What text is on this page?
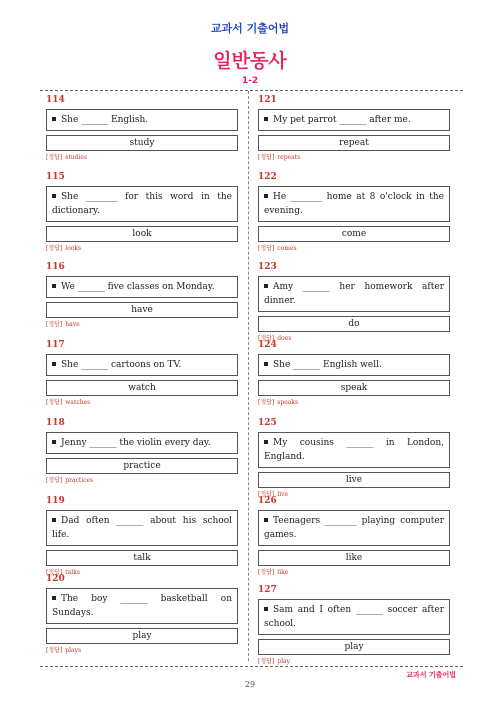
교과서 기출어법
일반동사
1-2
114
She ______ English.
study
[정답] studies
115
She _______ for this word in the dictionary.
look
[정답] looks
116
We ______ five classes on Monday.
have
[정답] have
117
She ______ cartoons on TV.
watch
[정답] watches
118
Jenny ______ the violin every day.
practice
[정답] practices
119
Dad often ______ about his school life.
talk
[정답] talks
120
The boy ______ basketball on Sundays.
play
[정답] plays
121
My pet parrot ______ after me.
repeat
[정답] repeats
122
He _______ home at 8 o'clock in the evening.
come
[정답] comes
123
Amy ______ her homework after dinner.
do
[정답] does
124
She ______ English well.
speak
[정답] speaks
125
My cousins ______ in London, England.
live
[정답] live
126
Teenagers _______ playing computer games.
like
[정답] like
127
Sam and I often ______ soccer after school.
play
[정답] play
교과서 기출어법
29
